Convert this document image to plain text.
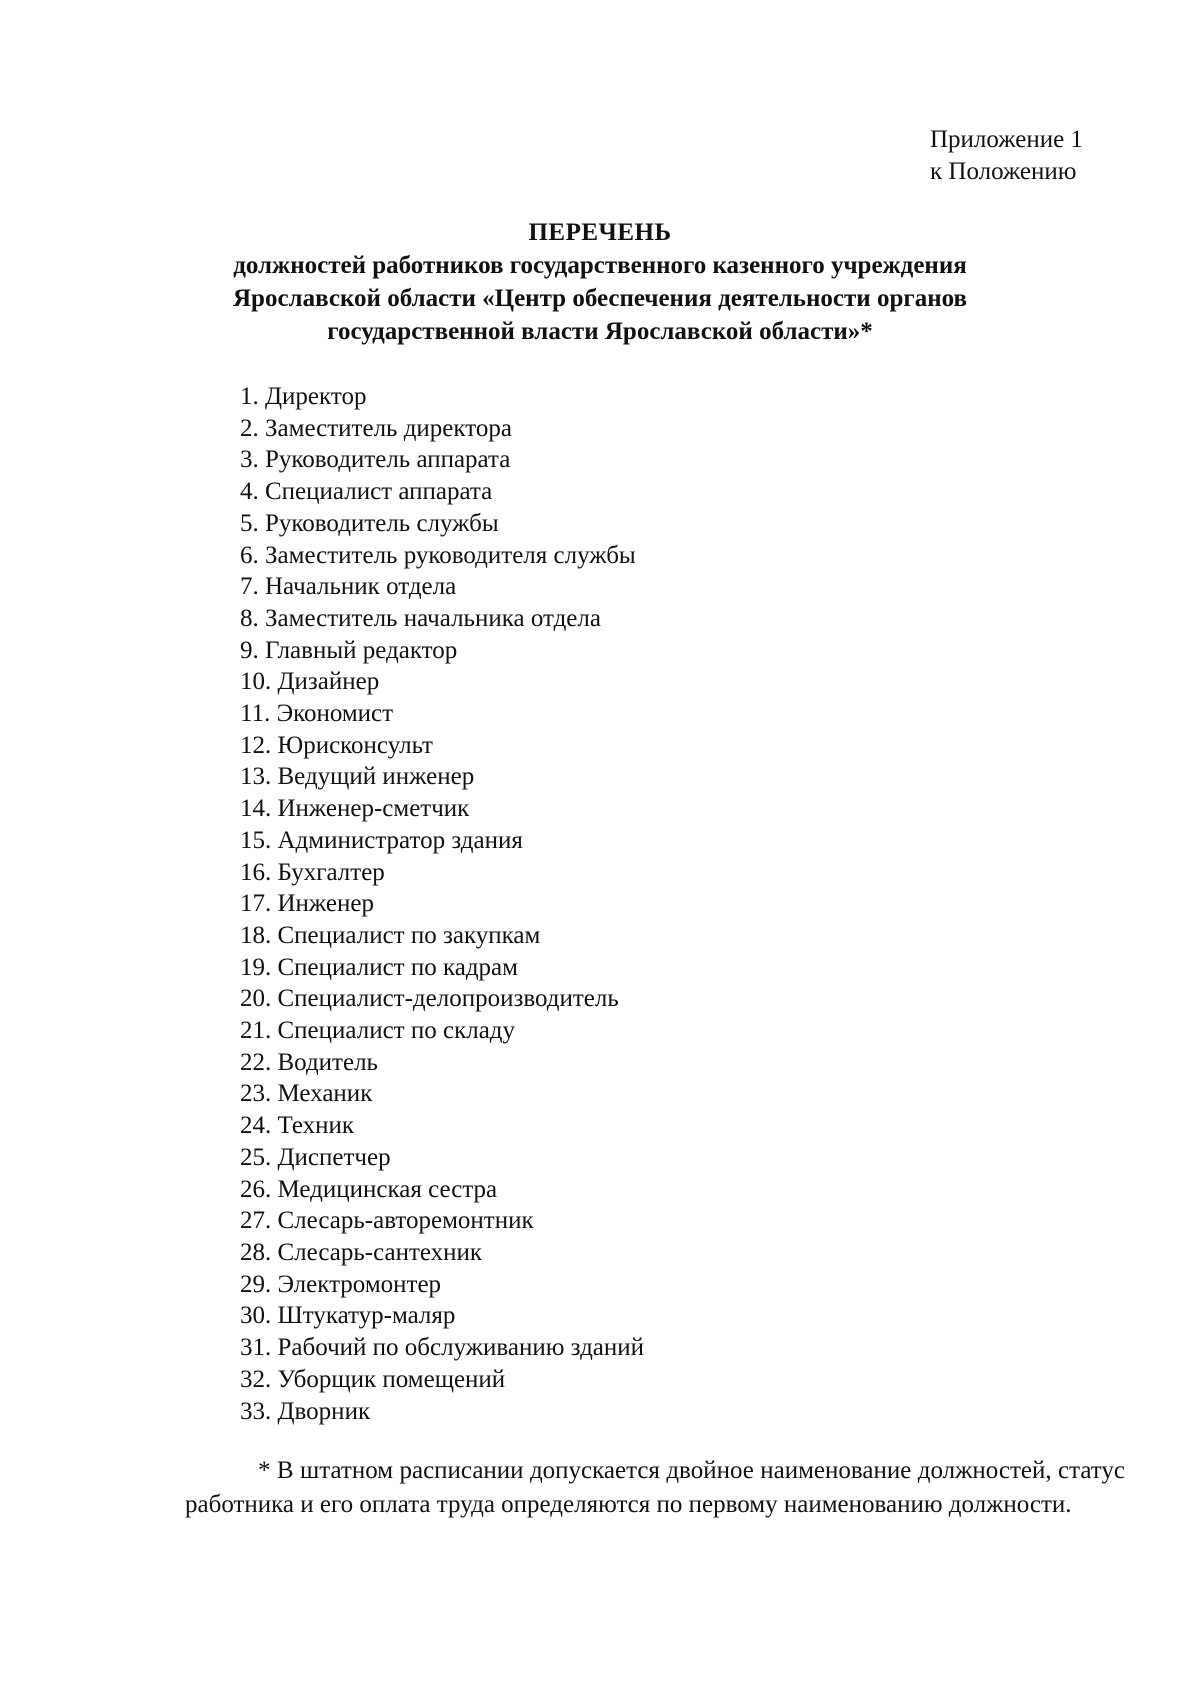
Приложение 1
к Положению
ПЕРЕЧЕНЬ
должностей работников государственного казенного учреждения
Ярославской области «Центр обеспечения деятельности органов
государственной власти Ярославской области»*
1. Директор
2. Заместитель директора
3. Руководитель аппарата
4. Специалист аппарата
5. Руководитель службы
6. Заместитель руководителя службы
7. Начальник отдела
8. Заместитель начальника отдела
9. Главный редактор
10. Дизайнер
11. Экономист
12. Юрисконсульт
13. Ведущий инженер
14. Инженер-сметчик
15. Администратор здания
16. Бухгалтер
17. Инженер
18. Специалист по закупкам
19. Специалист по кадрам
20. Специалист-делопроизводитель
21. Специалист по складу
22. Водитель
23. Механик
24. Техник
25. Диспетчер
26. Медицинская сестра
27. Слесарь-авторемонтник
28. Слесарь-сантехник
29. Электромонтер
30. Штукатур-маляр
31. Рабочий по обслуживанию зданий
32. Уборщик помещений
33. Дворник
* В штатном расписании допускается двойное наименование должностей, статус работника и его оплата труда определяются по первому наименованию должности.
